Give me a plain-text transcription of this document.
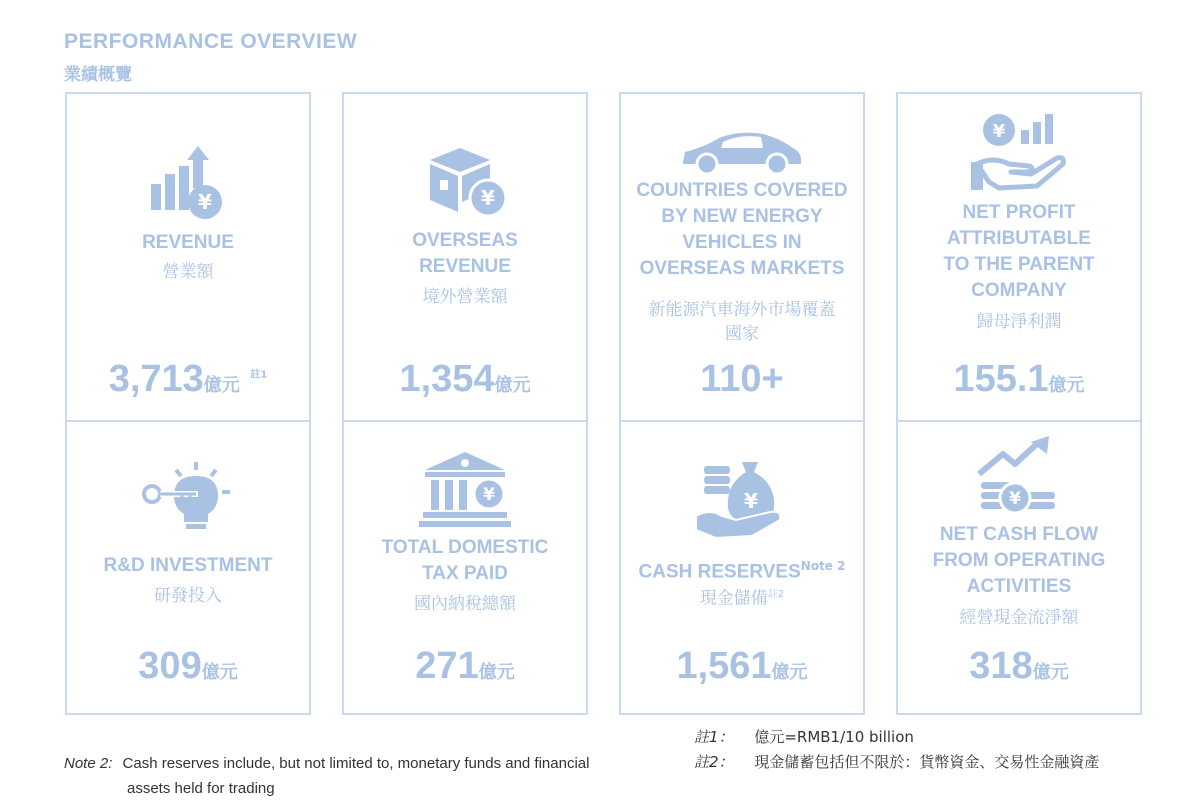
PERFORMANCE OVERVIEW
業績概覽
¥
REVENUE
營業額
3,713億元 $^{註1}$
¥
OVERSEAS
REVENUE
境外營業額
1,354億元
COUNTRIES COVERED
BY NEW ENERGY
VEHICLES IN
OVERSEAS MARKETS
新能源汽車海外市場覆蓋
國家
110+
¥
NET PROFIT
ATTRIBUTABLE
TO THE PARENT
COMPANY
歸母淨利潤
155.1億元
R&D INVESTMENT
研發投入
309億元
¥
TOTAL DOMESTIC
TAX PAID
國內納稅總額
271億元
¥
CASH $RESERVES^{Note 2}$
現金儲備$^{註2}$
1,561億元
¥
NET CASH FLOW
FROM OPERATING
ACTIVITIES
經營現金流淨額
318億元
Note 2: Cash reserves include, but not limited to, monetary funds and financial
assets held for trading
註1： 億元=RMB1/10 billion
註2： 現金儲蓄包括但不限於：貨幣資金、交易性金融資產
